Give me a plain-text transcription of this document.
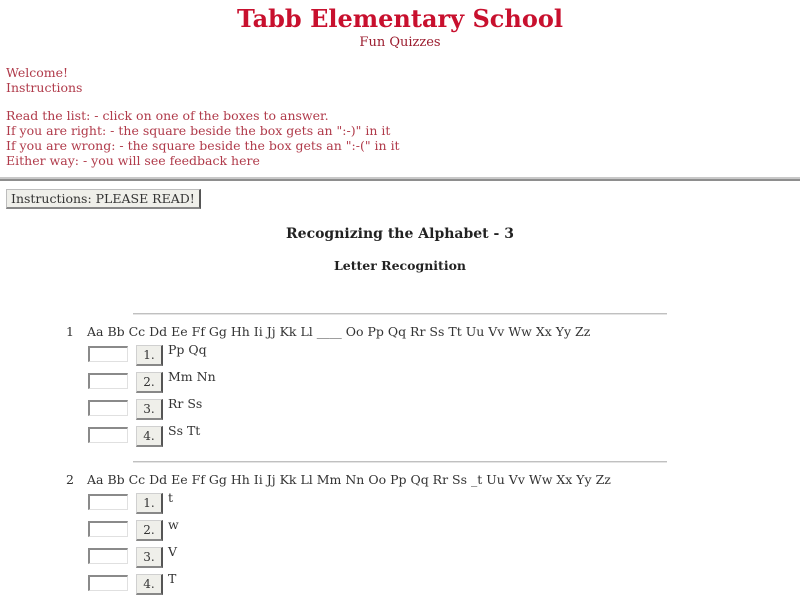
Tabb Elementary School
Fun Quizzes
Welcome!
Instructions
Read the list: - click on one of the boxes to answer.
If you are right: - the square beside the box gets an ":-)" in it
If you are wrong: - the square beside the box gets an ":-(" in it
Either way: - you will see feedback here
Instructions: PLEASE READ!
Recognizing the Alphabet - 3
Letter Recognition
1 Aa Bb Cc Dd Ee Ff Gg Hh Ii Jj Kk Ll ____ Oo Pp Qq Rr Ss Tt Uu Vv Ww Xx Yy Zz
1.	Pp Qq
2.	Mm Nn
3.	Rr Ss
4.	Ss Tt
2 Aa Bb Cc Dd Ee Ff Gg Hh Ii Jj Kk Ll Mm Nn Oo Pp Qq Rr Ss _t Uu Vv Ww Xx Yy Zz
1.	t
2.	w
3.	V
4.	T
